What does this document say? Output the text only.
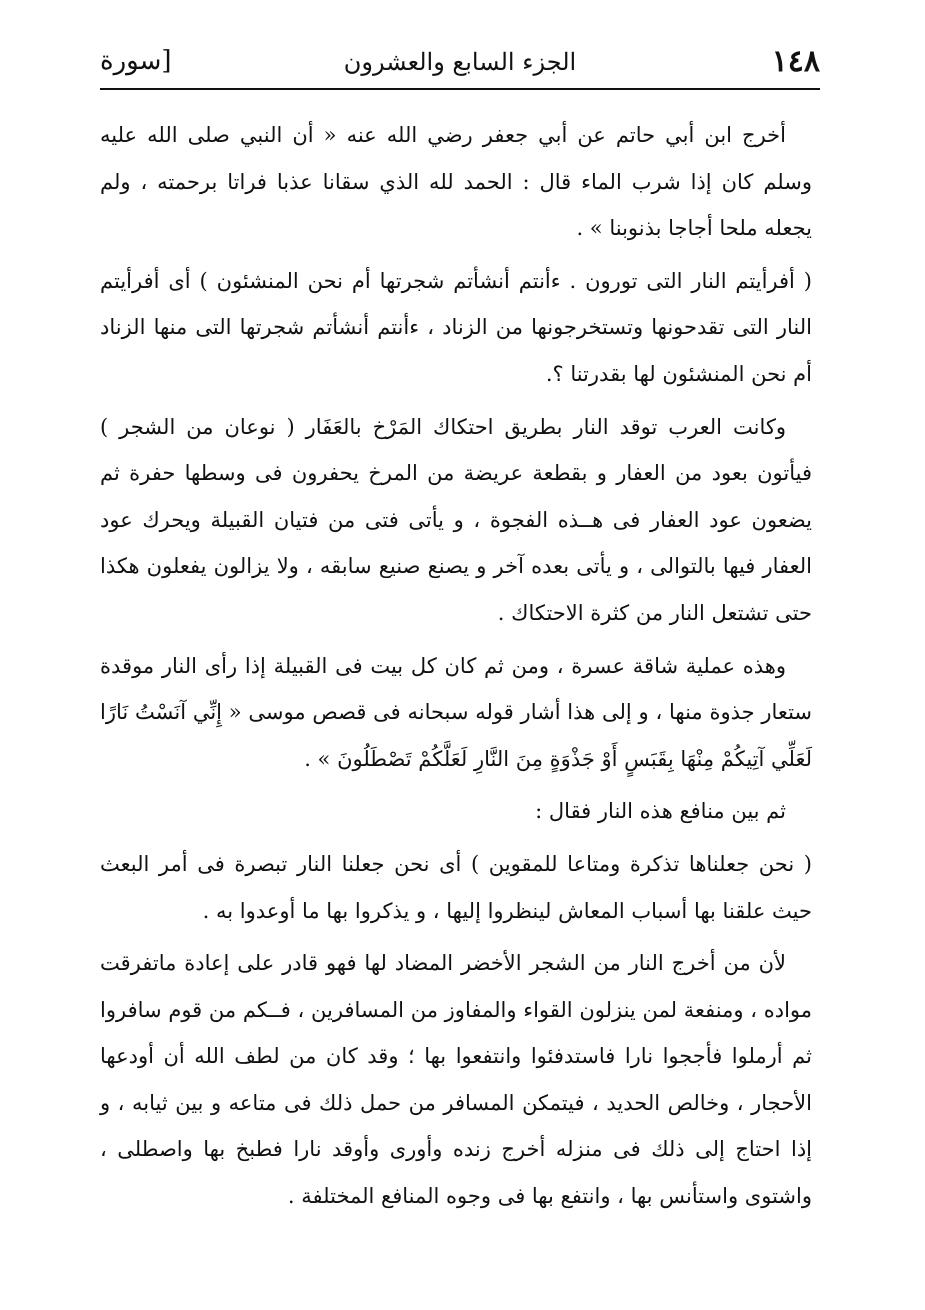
١٤٨
الجزء السابع والعشرون
[سورة

أخرج ابن أبي حاتم عن أبي جعفر رضي الله عنه « أن النبي صلى الله عليه وسلم كان إذا شرب الماء قال : الحمد لله الذي سقانا عذبا فراتا برحمته ، ولم يجعله ملحا أجاجا بذنوبنا » .

( أفرأيتم النار التى تورون . ءأنتم أنشأتم شجرتها أم نحن المنشئون ) أى أفرأيتم النار التى تقدحونها وتستخرجونها من الزناد ، ءأنتم أنشأتم شجرتها التى منها الزناد أم نحن المنشئون لها بقدرتنا ؟.

وكانت العرب توقد النار بطريق احتكاك المَرْخ بالعَفَار ( نوعان من الشجر ) فيأتون بعود من العفار و بقطعة عريضة من المرخ يحفرون فى وسطها حفرة ثم يضعون عود العفار فى هــذه الفجوة ، و يأتى فتى من فتيان القبيلة ويحرك عود العفار فيها بالتوالى ، و يأتى بعده آخر و يصنع صنيع سابقه ، ولا يزالون يفعلون هكذا حتى تشتعل النار من كثرة الاحتكاك .

وهذه عملية شاقة عسرة ، ومن ثم كان كل بيت فى القبيلة إذا رأى النار موقدة ستعار جذوة منها ، و إلى هذا أشار قوله سبحانه فى قصص موسى « إِنِّي آنَسْتُ نَارًا لَعَلِّي آتِيكُمْ مِنْهَا بِقَبَسٍ أَوْ جَذْوَةٍ مِنَ النَّارِ لَعَلَّكُمْ تَصْطَلُونَ » .

ثم بين منافع هذه النار فقال :

( نحن جعلناها تذكرة ومتاعا للمقوين ) أى نحن جعلنا النار تبصرة فى أمر البعث حيث علقنا بها أسباب المعاش لينظروا إليها ، و يذكروا بها ما أوعدوا به .

لأن من أخرج النار من الشجر الأخضر المضاد لها فهو قادر على إعادة ماتفرقت مواده ، ومنفعة لمن ينزلون القواء والمفاوز من المسافرين ، فــكم من قوم سافروا ثم أرملوا فأججوا نارا فاستدفئوا وانتفعوا بها ؛ وقد كان من لطف الله أن أودعها الأحجار ، وخالص الحديد ، فيتمكن المسافر من حمل ذلك فى متاعه و بين ثيابه ، و إذا احتاج إلى ذلك فى منزله أخرج زنده وأورى وأوقد نارا فطبخ بها واصطلى ، واشتوى واستأنس بها ، وانتفع بها فى وجوه المنافع المختلفة .
